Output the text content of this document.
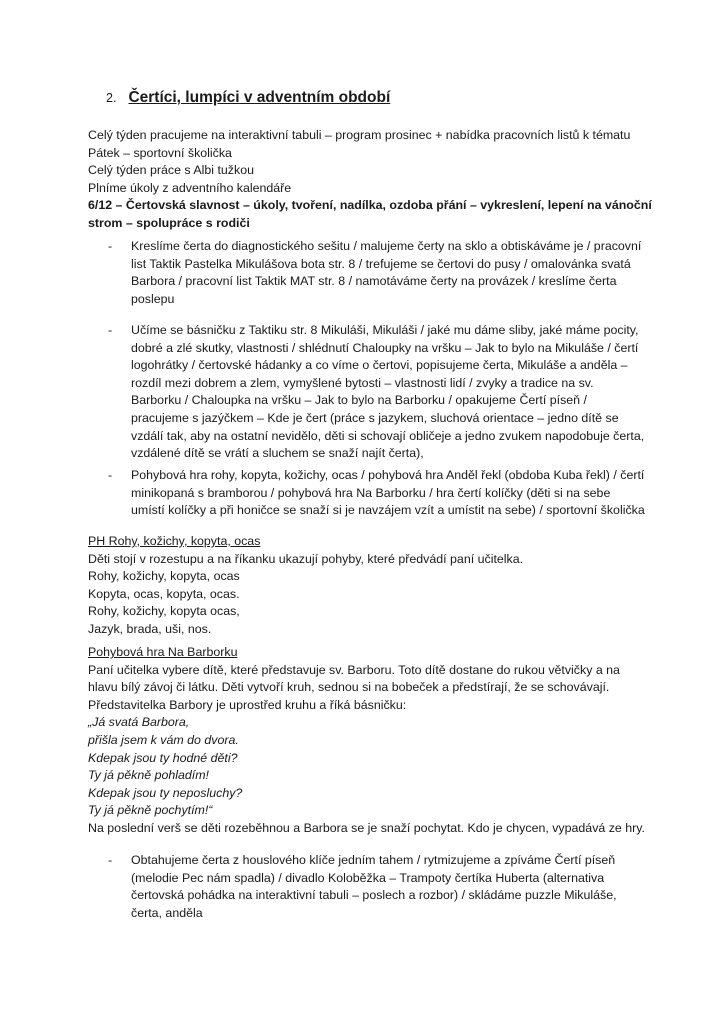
2. Čertíci, lumpíci v adventním období
Celý týden pracujeme na interaktivní tabuli – program prosinec + nabídka pracovních listů k tématu
Pátek – sportovní školička
Celý týden práce s Albi tužkou
Plníme úkoly z adventního kalendáře
6/12 – Čertovská slavnost – úkoly, tvoření, nadílka, ozdoba přání – vykreslení, lepení na vánoční
strom – spolupráce s rodiči
- Kreslíme čerta do diagnostického sešitu / malujeme čerty na sklo a obtiskáváme je / pracovní
list Taktik Pastelka Mikulášova bota str. 8 / trefujeme se čertovi do pusy / omalovánka svatá
Barbora / pracovní list Taktik MAT str. 8 / namotáváme čerty na provázek / kreslíme čerta
poslepu
- Učíme se básničku z Taktiku str. 8 Mikuláši, Mikuláši / jaké mu dáme sliby, jaké máme pocity,
dobré a zlé skutky, vlastnosti / shlédnutí Chaloupky na vršku – Jak to bylo na Mikuláše / čertí
logohrátky / čertovské hádanky a co víme o čertovi, popisujeme čerta, Mikuláše a anděla –
rozdíl mezi dobrem a zlem, vymyšlené bytosti – vlastnosti lidí / zvyky a tradice na sv.
Barborku / Chaloupka na vršku – Jak to bylo na Barborku / opakujeme Čertí píseň /
pracujeme s jazýčkem – Kde je čert (práce s jazykem, sluchová orientace – jedno dítě se
vzdálí tak, aby na ostatní nevidělo, děti si schovají obličeje a jedno zvukem napodobuje čerta,
vzdálené dítě se vrátí a sluchem se snaží najít čerta),
- Pohybová hra rohy, kopyta, kožichy, ocas / pohybová hra Anděl řekl (obdoba Kuba řekl) / čertí
minikopaná s bramborou / pohybová hra Na Barborku / hra čertí kolíčky (děti si na sebe
umístí kolíčky a při honičce se snaží si je navzájem vzít a umístit na sebe) / sportovní školička
PH Rohy, kožichy, kopyta, ocas
Děti stojí v rozestupu a na říkanku ukazují pohyby, které předvádí paní učitelka.
Rohy, kožichy, kopyta, ocas
Kopyta, ocas, kopyta, ocas.
Rohy, kožichy, kopyta ocas,
Jazyk, brada, uši, nos.
Pohybová hra Na Barborku
Paní učitelka vybere dítě, které představuje sv. Barboru. Toto dítě dostane do rukou větvičky a na
hlavu bílý závoj či látku. Děti vytvoří kruh, sednou si na bobeček a předstírají, že se schovávají.
Představitelka Barbory je uprostřed kruhu a říká básničku:
„Já svatá Barbora,
přišla jsem k vám do dvora.
Kdepak jsou ty hodné děti?
Ty já pěkně pohladím!
Kdepak jsou ty neposluchy?
Ty já pěkně pochytím!“
Na poslední verš se děti rozeběhnou a Barbora se je snaží pochytat. Kdo je chycen, vypadává ze hry.
- Obtahujeme čerta z houslového klíče jedním tahem / rytmizujeme a zpíváme Čertí píseň
(melodie Pec nám spadla) / divadlo Koloběžka – Trampoty čertíka Huberta (alternativa
čertovská pohádka na interaktivní tabuli – poslech a rozbor) / skládáme puzzle Mikuláše,
čerta, anděla
